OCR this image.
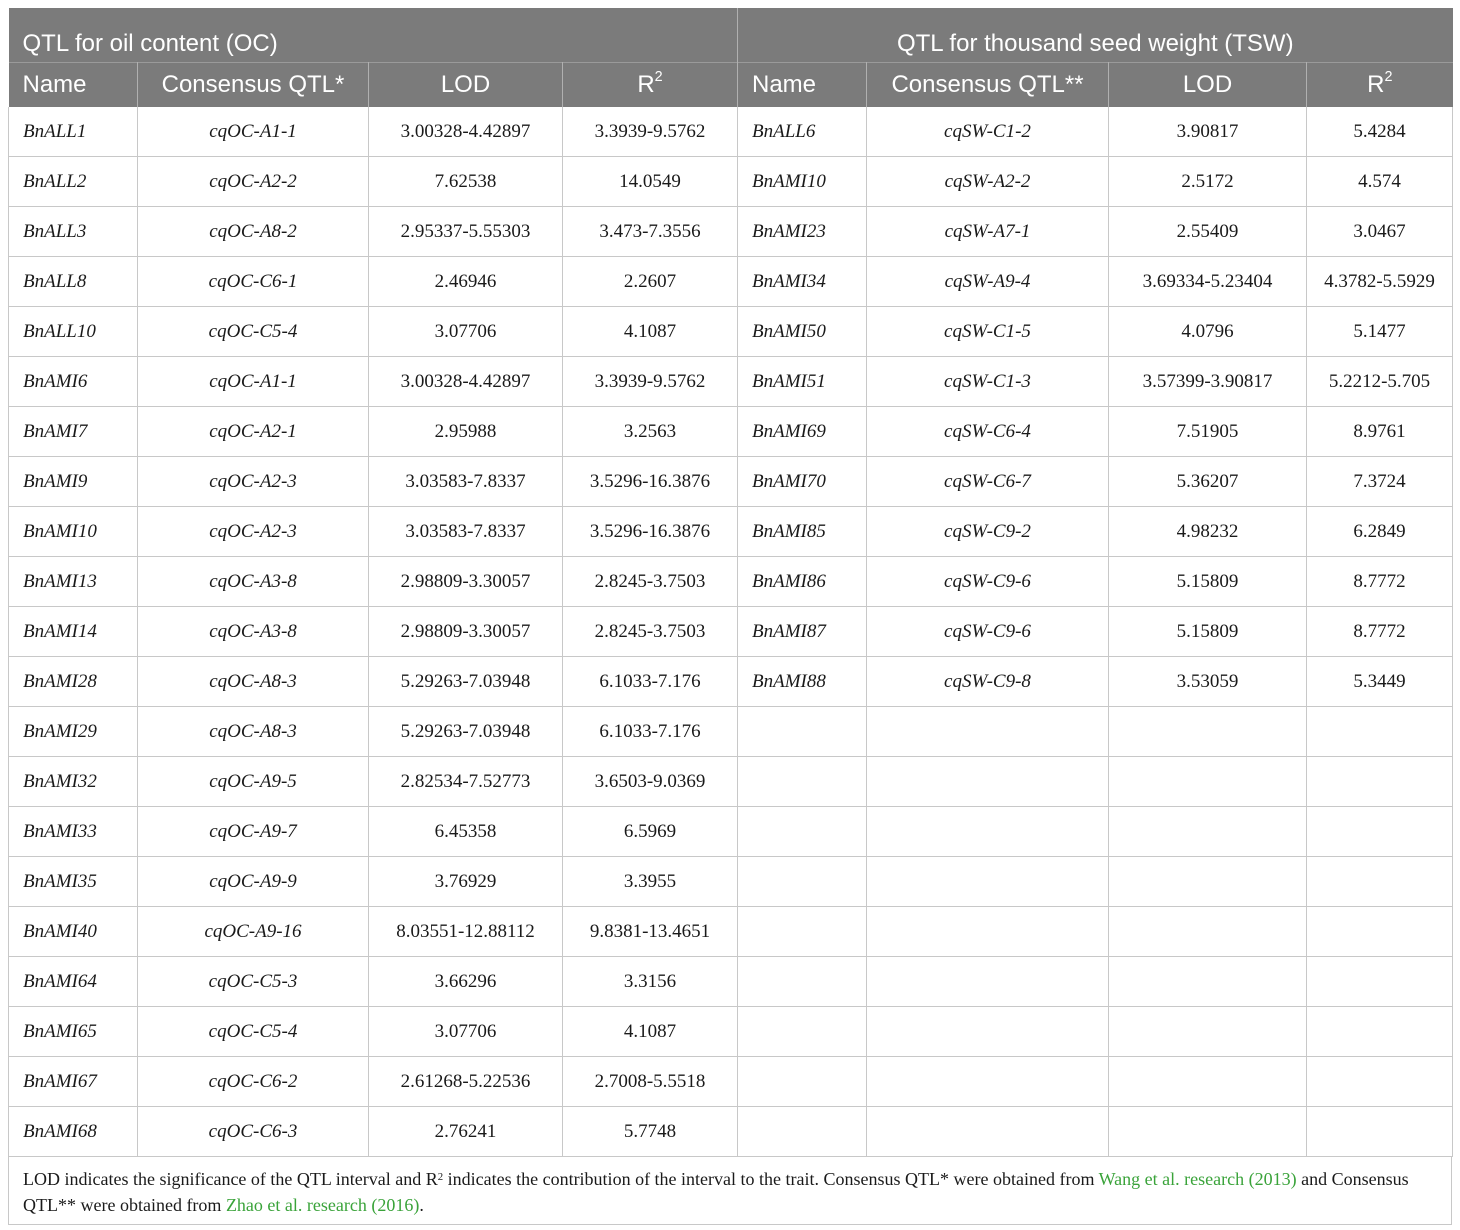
QTL for oil content (OC)				QTL for thousand seed weight (TSW)			
Name	Consensus QTL*	LOD	$R^2$	Name	Consensus QTL**	LOD	$R^2$
BnALL1	cqOC-A1-1	3.00328-4.42897	3.3939-9.5762	BnALL6	cqSW-C1-2	3.90817	5.4284
BnALL2	cqOC-A2-2	7.62538	14.0549	BnAMI10	cqSW-A2-2	2.5172	4.574
BnALL3	cqOC-A8-2	2.95337-5.55303	3.473-7.3556	BnAMI23	cqSW-A7-1	2.55409	3.0467
BnALL8	cqOC-C6-1	2.46946	2.2607	BnAMI34	cqSW-A9-4	3.69334-5.23404	4.3782-5.5929
BnALL10	cqOC-C5-4	3.07706	4.1087	BnAMI50	cqSW-C1-5	4.0796	5.1477
BnAMI6	cqOC-A1-1	3.00328-4.42897	3.3939-9.5762	BnAMI51	cqSW-C1-3	3.57399-3.90817	5.2212-5.705
BnAMI7	cqOC-A2-1	2.95988	3.2563	BnAMI69	cqSW-C6-4	7.51905	8.9761
BnAMI9	cqOC-A2-3	3.03583-7.8337	3.5296-16.3876	BnAMI70	cqSW-C6-7	5.36207	7.3724
BnAMI10	cqOC-A2-3	3.03583-7.8337	3.5296-16.3876	BnAMI85	cqSW-C9-2	4.98232	6.2849
BnAMI13	cqOC-A3-8	2.98809-3.30057	2.8245-3.7503	BnAMI86	cqSW-C9-6	5.15809	8.7772
BnAMI14	cqOC-A3-8	2.98809-3.30057	2.8245-3.7503	BnAMI87	cqSW-C9-6	5.15809	8.7772
BnAMI28	cqOC-A8-3	5.29263-7.03948	6.1033-7.176	BnAMI88	cqSW-C9-8	3.53059	5.3449
BnAMI29	cqOC-A8-3	5.29263-7.03948	6.1033-7.176				
BnAMI32	cqOC-A9-5	2.82534-7.52773	3.6503-9.0369				
BnAMI33	cqOC-A9-7	6.45358	6.5969				
BnAMI35	cqOC-A9-9	3.76929	3.3955				
BnAMI40	cqOC-A9-16	8.03551-12.88112	9.8381-13.4651				
BnAMI64	cqOC-C5-3	3.66296	3.3156				
BnAMI65	cqOC-C5-4	3.07706	4.1087				
BnAMI67	cqOC-C6-2	2.61268-5.22536	2.7008-5.5518				
BnAMI68	cqOC-C6-3	2.76241	5.7748				
LOD indicates the significance of the QTL interval and $R^2$ indicates the contribution of the interval to the trait. Consensus QTL* were obtained from Wang et al. research (2013) and Consensus QTL** were obtained from Zhao et al. research (2016).
